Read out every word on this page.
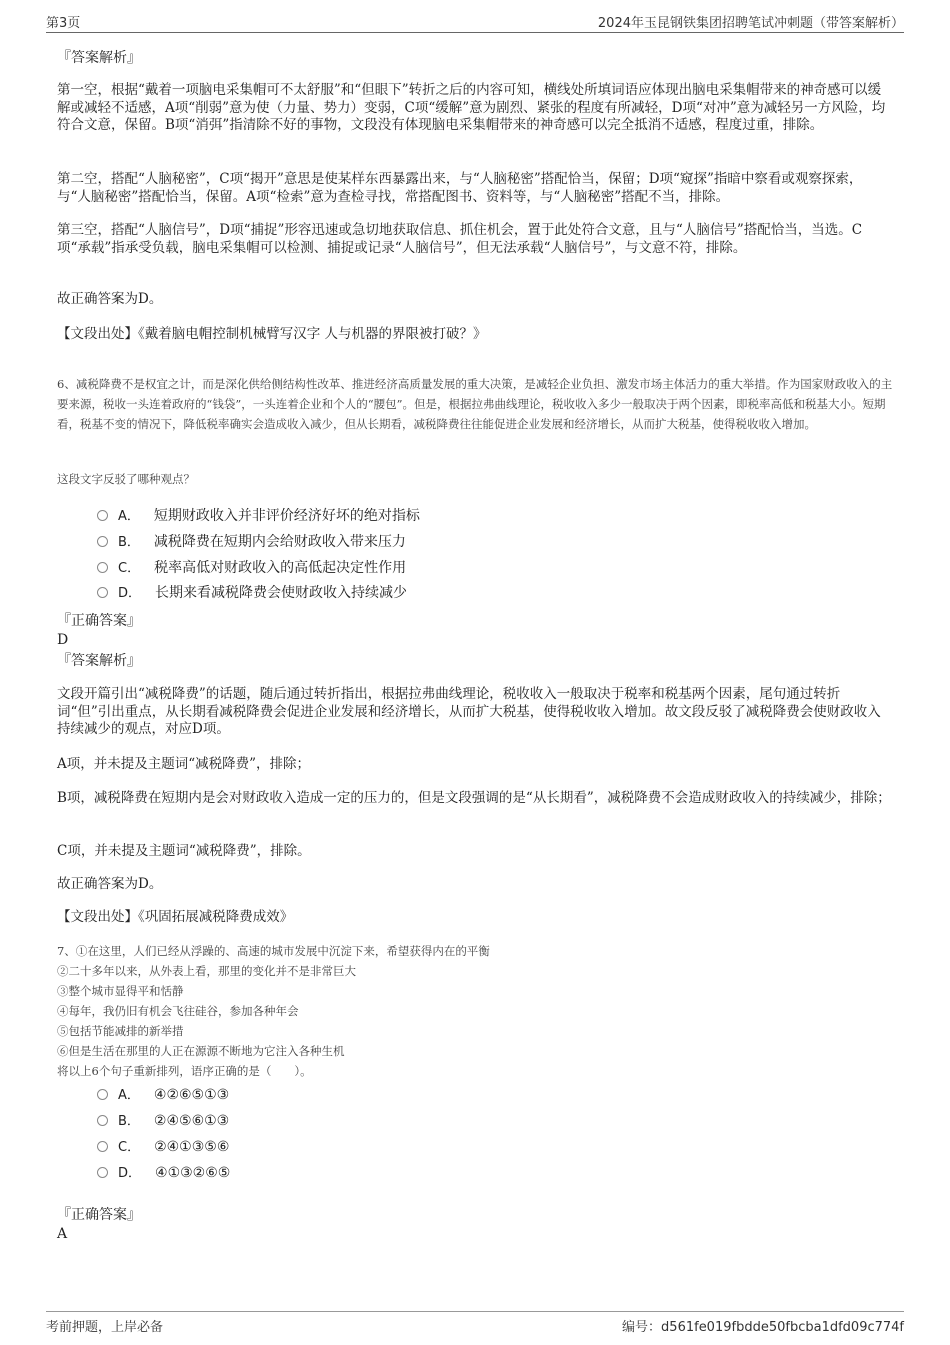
第3页	2024年玉昆钢铁集团招聘笔试冲刺题（带答案解析）
『答案解析』
第一空，根据“戴着一项脑电采集帽可不太舒服”和“但眼下”转折之后的内容可知，横线处所填词语应体现出脑电采集帽带来的神奇感可以缓解或减轻不适感，A项“削弱”意为使（力量、势力）变弱，C项“缓解”意为剧烈、紧张的程度有所减轻，D项“对冲”意为减轻另一方风险，均符合文意，保留。B项“消弭”指清除不好的事物，文段没有体现脑电采集帽带来的神奇感可以完全抵消不适感，程度过重，排除。
第二空，搭配“人脑秘密”，C项“揭开”意思是使某样东西暴露出来，与“人脑秘密”搭配恰当，保留；D项“窥探”指暗中察看或观察探索，与“人脑秘密”搭配恰当，保留。A项“检索”意为查检寻找，常搭配图书、资料等，与“人脑秘密”搭配不当，排除。
第三空，搭配“人脑信号”，D项“捕捉”形容迅速或急切地获取信息、抓住机会，置于此处符合文意，且与“人脑信号”搭配恰当，当选。C项“承载”指承受负载，脑电采集帽可以检测、捕捉或记录“人脑信号”，但无法承载“人脑信号”，与文意不符，排除。
故正确答案为D。
【文段出处】《戴着脑电帽控制机械臂写汉字 人与机器的界限被打破？》
6、减税降费不是权宜之计，而是深化供给侧结构性改革、推进经济高质量发展的重大决策，是减轻企业负担、激发市场主体活力的重大举措。作为国家财政收入的主要来源，税收一头连着政府的“钱袋”，一头连着企业和个人的“腰包”。但是，根据拉弗曲线理论，税收收入多少一般取决于两个因素，即税率高低和税基大小。短期看，税基不变的情况下，降低税率确实会造成收入减少，但从长期看，减税降费往往能促进企业发展和经济增长，从而扩大税基，使得税收收入增加。
这段文字反驳了哪种观点？
A． 短期财政收入并非评价经济好坏的绝对指标
B． 减税降费在短期内会给财政收入带来压力
C． 税率高低对财政收入的高低起决定性作用
D． 长期来看减税降费会使财政收入持续减少
『正确答案』
D
『答案解析』
文段开篇引出“减税降费”的话题，随后通过转折指出，根据拉弗曲线理论，税收收入一般取决于税率和税基两个因素，尾句通过转折词“但”引出重点，从长期看减税降费会促进企业发展和经济增长，从而扩大税基，使得税收收入增加。故文段反驳了减税降费会使财政收入持续减少的观点，对应D项。
A项，并未提及主题词“减税降费”，排除；
B项，减税降费在短期内是会对财政收入造成一定的压力的，但是文段强调的是“从长期看”，减税降费不会造成财政收入的持续减少，排除；
C项，并未提及主题词“减税降费”，排除。
故正确答案为D。
【文段出处】《巩固拓展减税降费成效》
7、①在这里，人们已经从浮躁的、高速的城市发展中沉淀下来，希望获得内在的平衡
②二十多年以来，从外表上看，那里的变化并不是非常巨大
③整个城市显得平和恬静
④每年，我仍旧有机会飞往硅谷，参加各种年会
⑤包括节能减排的新举措
⑥但是生活在那里的人正在源源不断地为它注入各种生机
将以上6个句子重新排列，语序正确的是（　　）。
A． ④②⑥⑤①③
B． ②④⑤⑥①③
C． ②④①③⑤⑥
D． ④①③②⑥⑤
『正确答案』
A
考前押题，上岸必备	编号：d561fe019fbdde50fbcba1dfd09c774f
